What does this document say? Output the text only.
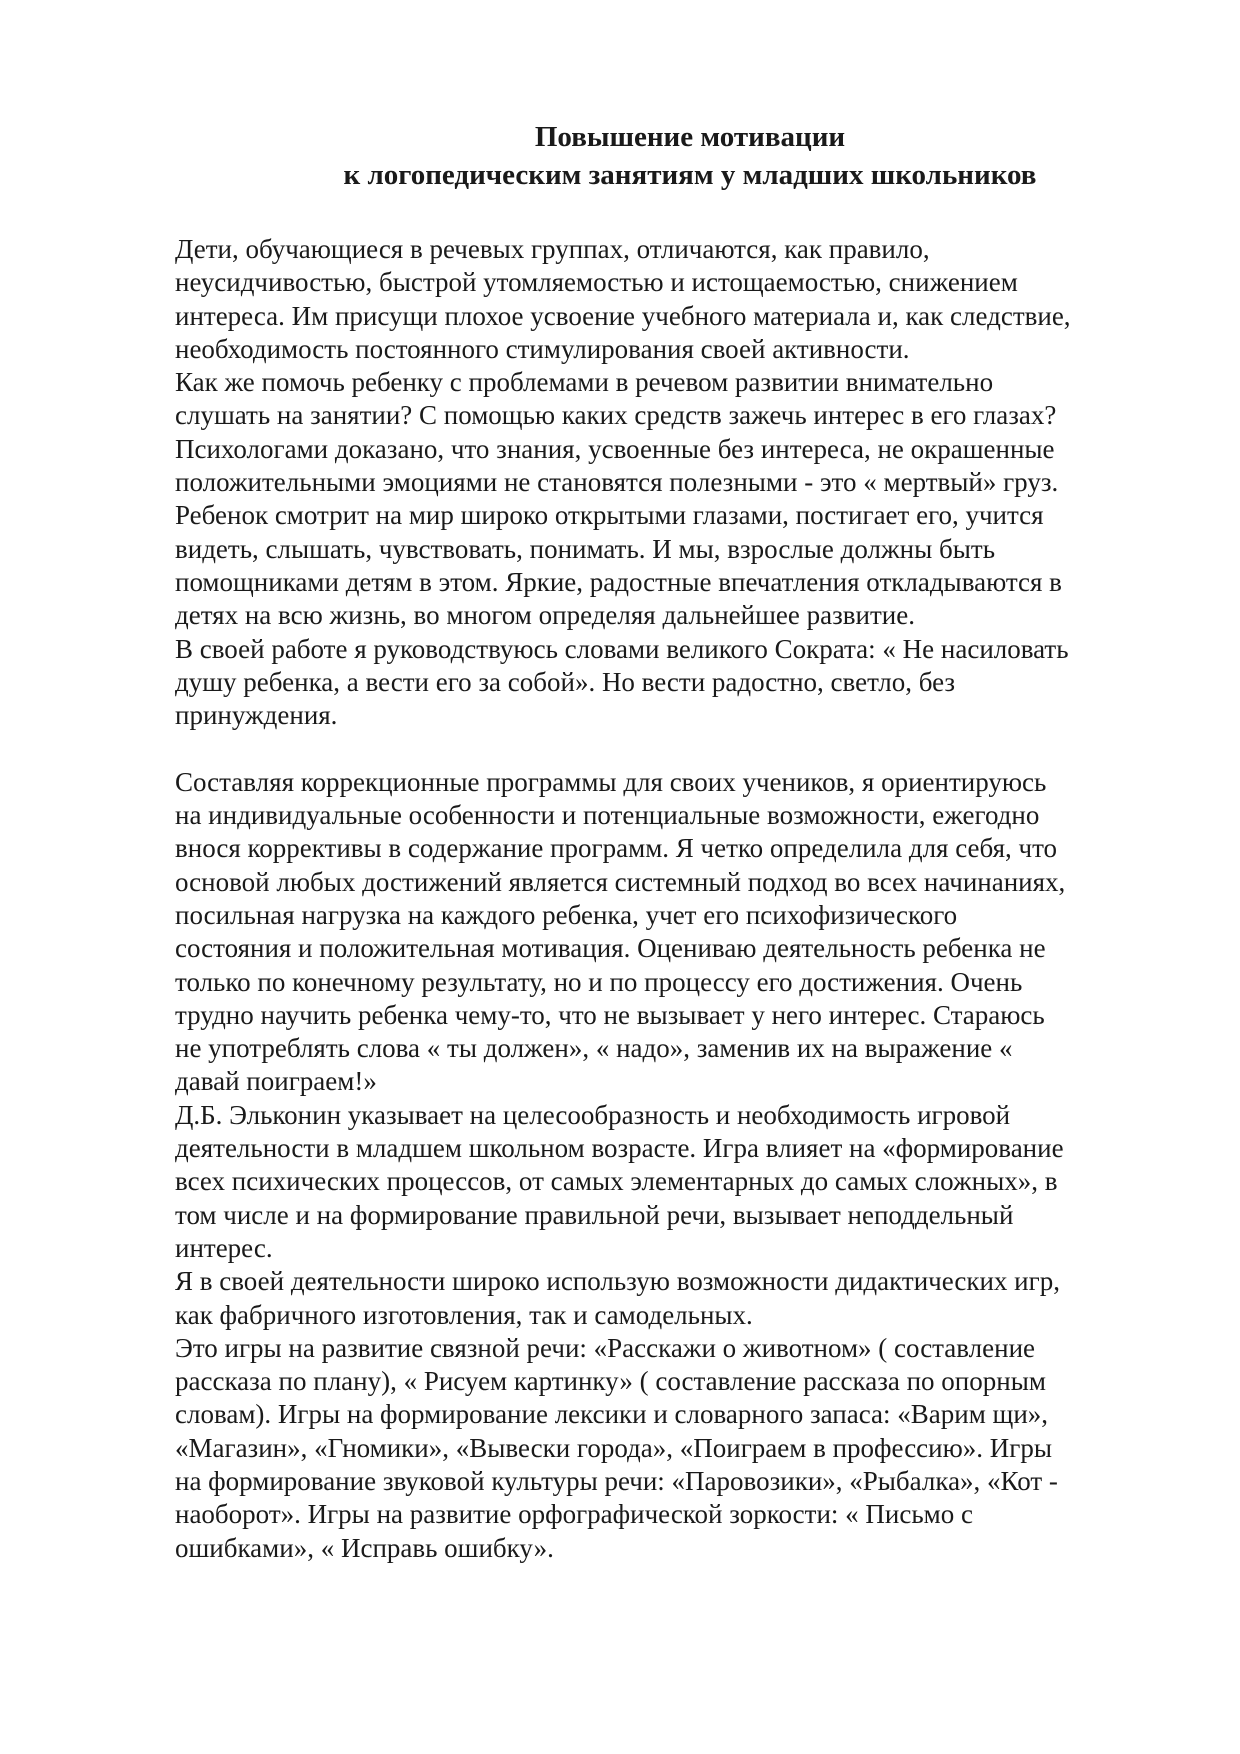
Повышение мотивации
к логопедическим занятиям у младших школьников
Дети, обучающиеся в речевых группах, отличаются, как правило,
неусидчивостью, быстрой утомляемостью и истощаемостью, снижением
интереса. Им присущи плохое усвоение учебного материала и, как следствие,
необходимость постоянного стимулирования своей активности.
Как же помочь ребенку с проблемами в речевом развитии внимательно
слушать на занятии? С помощью каких средств зажечь интерес в его глазах?
Психологами доказано, что знания, усвоенные без интереса, не окрашенные
положительными эмоциями не становятся полезными - это « мертвый» груз.
Ребенок смотрит на мир широко открытыми глазами, постигает его, учится
видеть, слышать, чувствовать, понимать. И мы, взрослые должны быть
помощниками детям в этом. Яркие, радостные впечатления откладываются в
детях на всю жизнь, во многом определяя дальнейшее развитие.
В своей работе я руководствуюсь словами великого Сократа: « Не насиловать
душу ребенка, а вести его за собой». Но вести радостно, светло, без
принуждения.
Составляя коррекционные программы для своих учеников, я ориентируюсь
на индивидуальные особенности и потенциальные возможности, ежегодно
внося коррективы в содержание программ. Я четко определила для себя, что
основой любых достижений является системный подход во всех начинаниях,
посильная нагрузка на каждого ребенка, учет его психофизического
состояния и положительная мотивация. Оцениваю деятельность ребенка не
только по конечному результату, но и по процессу его достижения. Очень
трудно научить ребенка чему-то, что не вызывает у него интерес. Стараюсь
не употреблять слова « ты должен», « надо», заменив их на выражение «
давай поиграем!»
Д.Б. Эльконин указывает на целесообразность и необходимость игровой
деятельности в младшем школьном возрасте. Игра влияет на «формирование
всех психических процессов, от самых элементарных до самых сложных», в
том числе и на формирование правильной речи, вызывает неподдельный
интерес.
Я в своей деятельности широко использую возможности дидактических игр,
как фабричного изготовления, так и самодельных.
Это игры на развитие связной речи: «Расскажи о животном» ( составление
рассказа по плану), « Рисуем картинку» ( составление рассказа по опорным
словам). Игры на формирование лексики и словарного запаса: «Варим щи»,
«Магазин», «Гномики», «Вывески города», «Поиграем в профессию». Игры
на формирование звуковой культуры речи: «Паровозики», «Рыбалка», «Кот -
наоборот». Игры на развитие орфографической зоркости: « Письмо с
ошибками», « Исправь ошибку».
